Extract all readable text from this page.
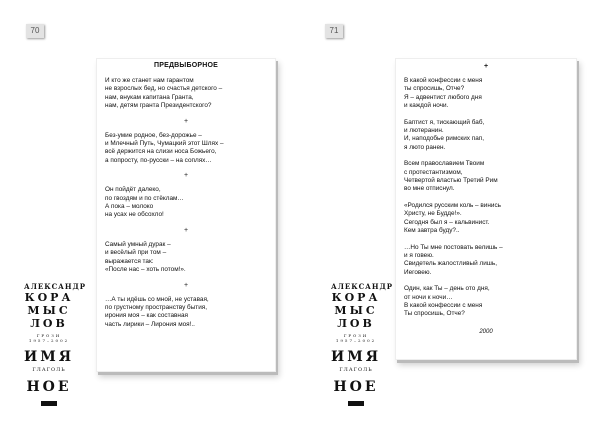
70
АЛЕКСАНДР
КОРА
МЫС
ЛОВ
ГРОЗИ 1957–2002
ИМЯ
ГЛАГОЛЬ
НОЕ
ПРЕДВЫБОРНОЕ
И кто же станет нам гарантом
не взрослых бед, но счастья детского –
нам, внукам капитана Гранта,
нам, детям гранта Президентского?
+
Без-умие родное, без-дорожье –
и Млечный Путь, Чумацкий этот Шлях –
всё держится на слизи носа Божьего,
а попросту, по-русски – на соплях…
+
Он пойдёт далеко,
по гвоздям и по стёклам…
А пока – молоко
на усах не обсохло!
+
Самый умный дурак –
и весёлый при том –
выражается так:
«После нас – хоть потом!».
+
…А ты идёшь со мной, не уставая,
по грустному пространству бытия,
ирония моя – как составная
часть лирики – Лирония моя!..
71
АЛЕКСАНДР
КОРА
МЫС
ЛОВ
ГРОЗИ 1957–2002
ИМЯ
ГЛАГОЛЬ
НОЕ
+
В какой конфессии с меня
ты спросишь, Отче?
Я – адвентист любого дня
и каждой ночи.
Баптист я, тискающий баб,
и лютеранин.
И, наподобье римских пап,
я люто ранен.
Всем православием Твоим
с протестантизмом,
Четвертой властью Третий Рим
во мне отписнул.
«Родился русским коль – винись
Христу, не Будде!».
Сегодня был я – кальвинист.
Кем завтра буду?..
…Но Ты мне постовать велишь –
и я говею.
Свидетель жалостливый лишь,
Иеговею.
Один, как Ты – день ото дня,
от ночи к ночи…
В какой конфессии с меня
Ты спросишь, Отче?
2000
